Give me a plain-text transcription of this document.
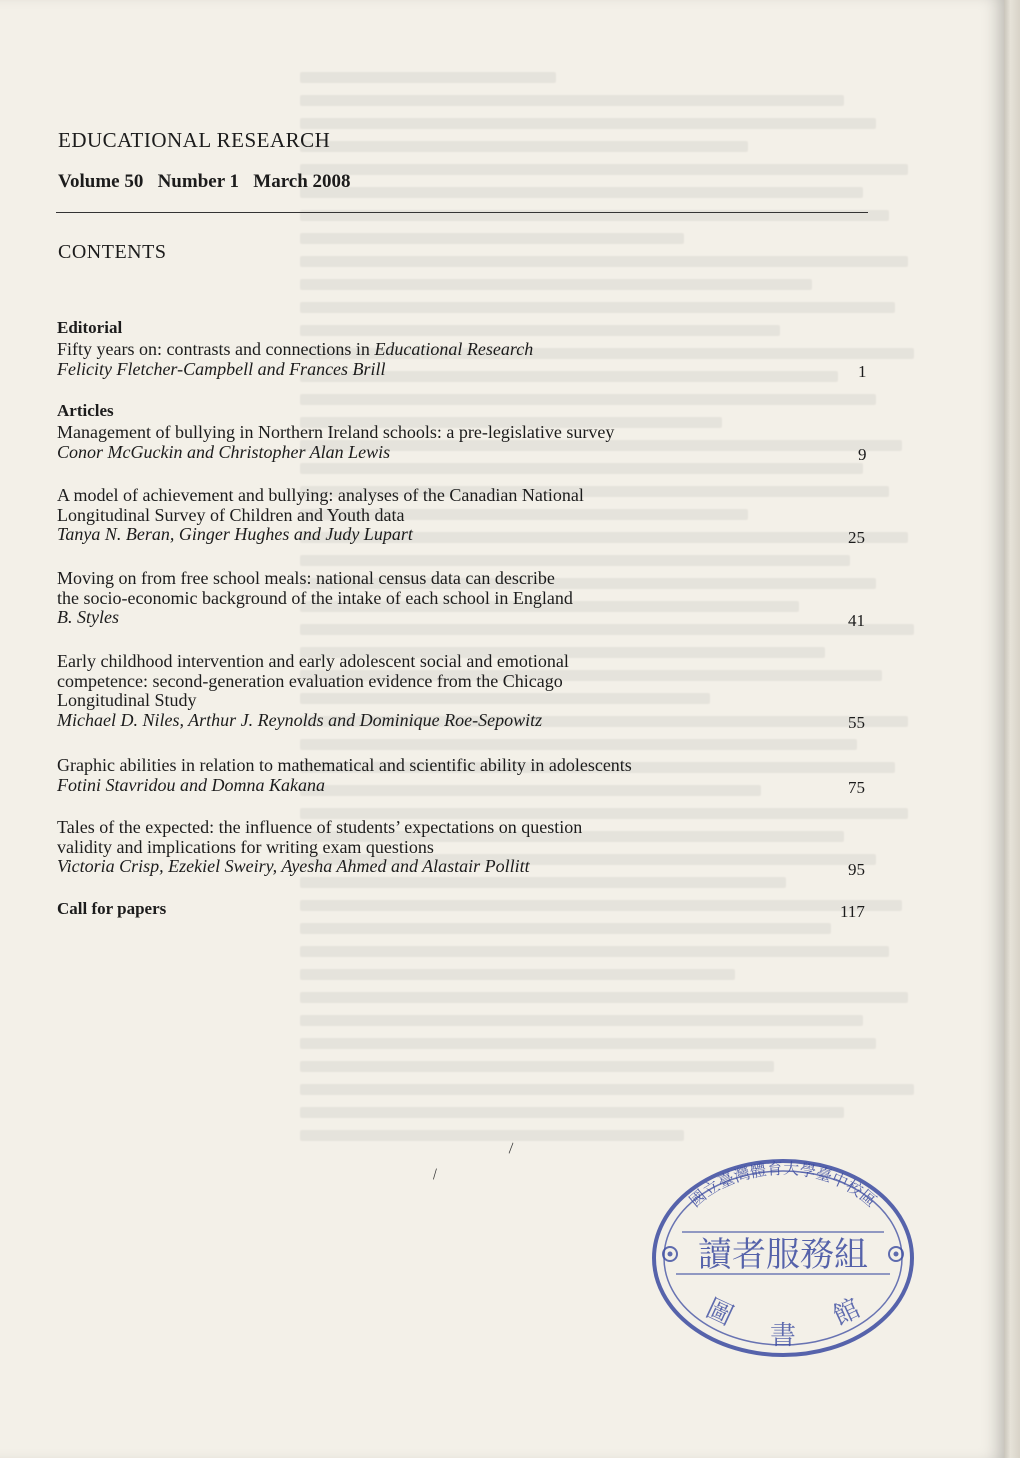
EDUCATIONAL RESEARCH
Volume 50   Number 1   March 2008
CONTENTS
Editorial
Fifty years on: contrasts and connections in Educational Research
Felicity Fletcher-Campbell and Frances Brill	1
Articles
Management of bullying in Northern Ireland schools: a pre-legislative survey
Conor McGuckin and Christopher Alan Lewis	9
A model of achievement and bullying: analyses of the Canadian National
Longitudinal Survey of Children and Youth data
Tanya N. Beran, Ginger Hughes and Judy Lupart	25
Moving on from free school meals: national census data can describe
the socio-economic background of the intake of each school in England
B. Styles	41
Early childhood intervention and early adolescent social and emotional
competence: second-generation evaluation evidence from the Chicago
Longitudinal Study
Michael D. Niles, Arthur J. Reynolds and Dominique Roe-Sepowitz	55
Graphic abilities in relation to mathematical and scientific ability in adolescents
Fotini Stavridou and Domna Kakana	75
Tales of the expected: the influence of students’ expectations on question
validity and implications for writing exam questions
Victoria Crisp, Ezekiel Sweiry, Ayesha Ahmed and Alastair Pollitt	95
Call for papers	117
\
\
國立臺灣體育大學臺中校區
讀者服務組
圖
書
館
